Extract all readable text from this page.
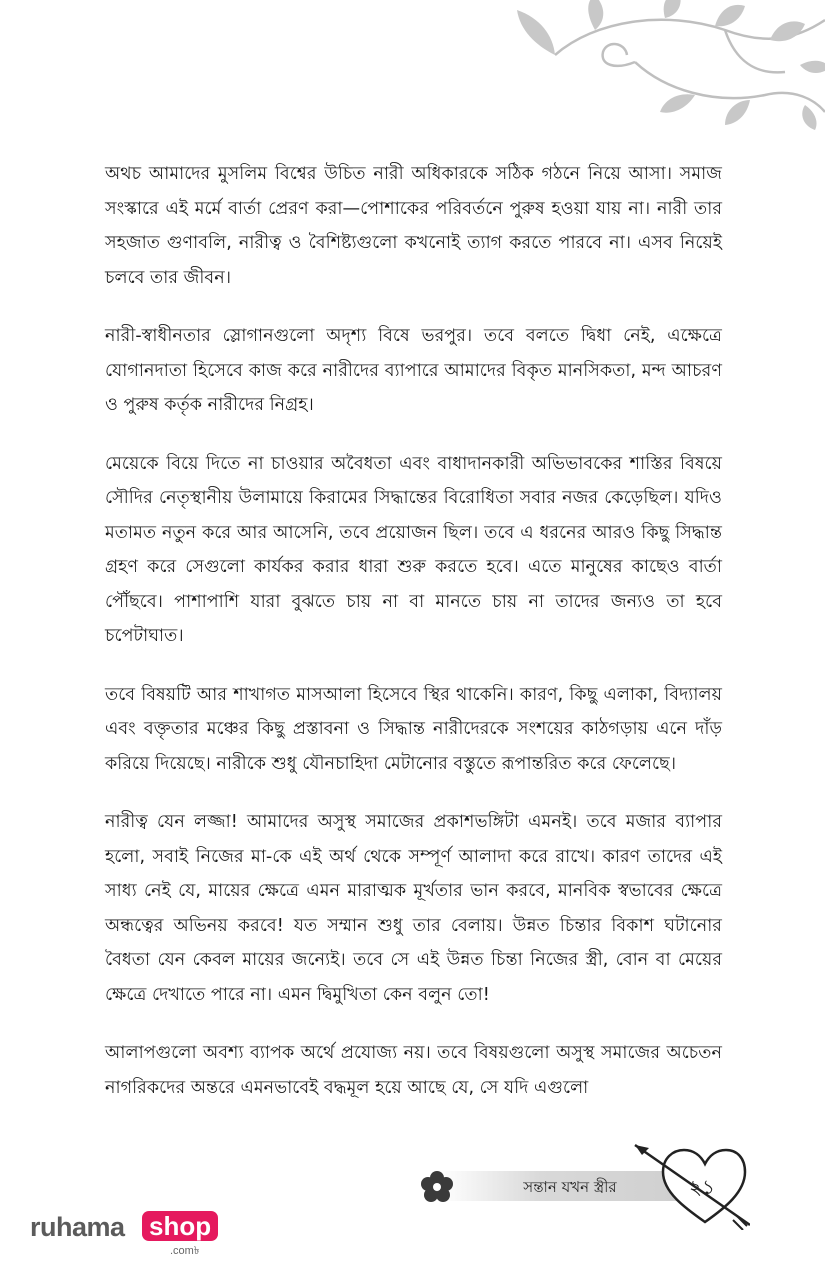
অথচ আমাদের মুসলিম বিশ্বের উচিত নারী অধিকারকে সঠিক গঠনে নিয়ে আসা। সমাজ সংস্কারে এই মর্মে বার্তা প্রেরণ করা—পোশাকের পরিবর্তনে পুরুষ হওয়া যায় না। নারী তার সহজাত গুণাবলি, নারীত্ব ও বৈশিষ্ট্যগুলো কখনোই ত্যাগ করতে পারবে না। এসব নিয়েই চলবে তার জীবন।

নারী-স্বাধীনতার স্লোগানগুলো অদৃশ্য বিষে ভরপুর। তবে বলতে দ্বিধা নেই, এক্ষেত্রে যোগানদাতা হিসেবে কাজ করে নারীদের ব্যাপারে আমাদের বিকৃত মানসিকতা, মন্দ আচরণ ও পুরুষ কর্তৃক নারীদের নিগ্রহ।

মেয়েকে বিয়ে দিতে না চাওয়ার অবৈধতা এবং বাধাদানকারী অভিভাবকের শাস্তির বিষয়ে সৌদির নেতৃস্থানীয় উলামায়ে কিরামের সিদ্ধান্তের বিরোধিতা সবার নজর কেড়েছিল। যদিও মতামত নতুন করে আর আসেনি, তবে প্রয়োজন ছিল। তবে এ ধরনের আরও কিছু সিদ্ধান্ত গ্রহণ করে সেগুলো কার্যকর করার ধারা শুরু করতে হবে। এতে মানুষের কাছেও বার্তা পৌঁছবে। পাশাপাশি যারা বুঝতে চায় না বা মানতে চায় না তাদের জন্যও তা হবে চপেটাঘাত।

তবে বিষয়টি আর শাখাগত মাসআলা হিসেবে স্থির থাকেনি। কারণ, কিছু এলাকা, বিদ্যালয় এবং বক্তৃতার মঞ্চের কিছু প্রস্তাবনা ও সিদ্ধান্ত নারীদেরকে সংশয়ের কাঠগড়ায় এনে দাঁড় করিয়ে দিয়েছে। নারীকে শুধু যৌনচাহিদা মেটানোর বস্তুতে রূপান্তরিত করে ফেলেছে।

নারীত্ব যেন লজ্জা! আমাদের অসুস্থ সমাজের প্রকাশভঙ্গিটা এমনই। তবে মজার ব্যাপার হলো, সবাই নিজের মা-কে এই অর্থ থেকে সম্পূর্ণ আলাদা করে রাখে। কারণ তাদের এই সাধ্য নেই যে, মায়ের ক্ষেত্রে এমন মারাত্মক মূর্খতার ভান করবে, মানবিক স্বভাবের ক্ষেত্রে অন্ধত্বের অভিনয় করবে! যত সম্মান শুধু তার বেলায়। উন্নত চিন্তার বিকাশ ঘটানোর বৈধতা যেন কেবল মায়ের জন্যেই। তবে সে এই উন্নত চিন্তা নিজের স্ত্রী, বোন বা মেয়ের ক্ষেত্রে দেখাতে পারে না। এমন দ্বিমুখিতা কেন বলুন তো!

আলাপগুলো অবশ্য ব্যাপক অর্থে প্রযোজ্য নয়। তবে বিষয়গুলো অসুস্থ সমাজের অচেতন নাগরিকদের অন্তরে এমনভাবেই বদ্ধমূল হয়ে আছে যে, সে যদি এগুলো

সন্তান যখন স্ত্রীর	২১
ruhama shop
.com৳
